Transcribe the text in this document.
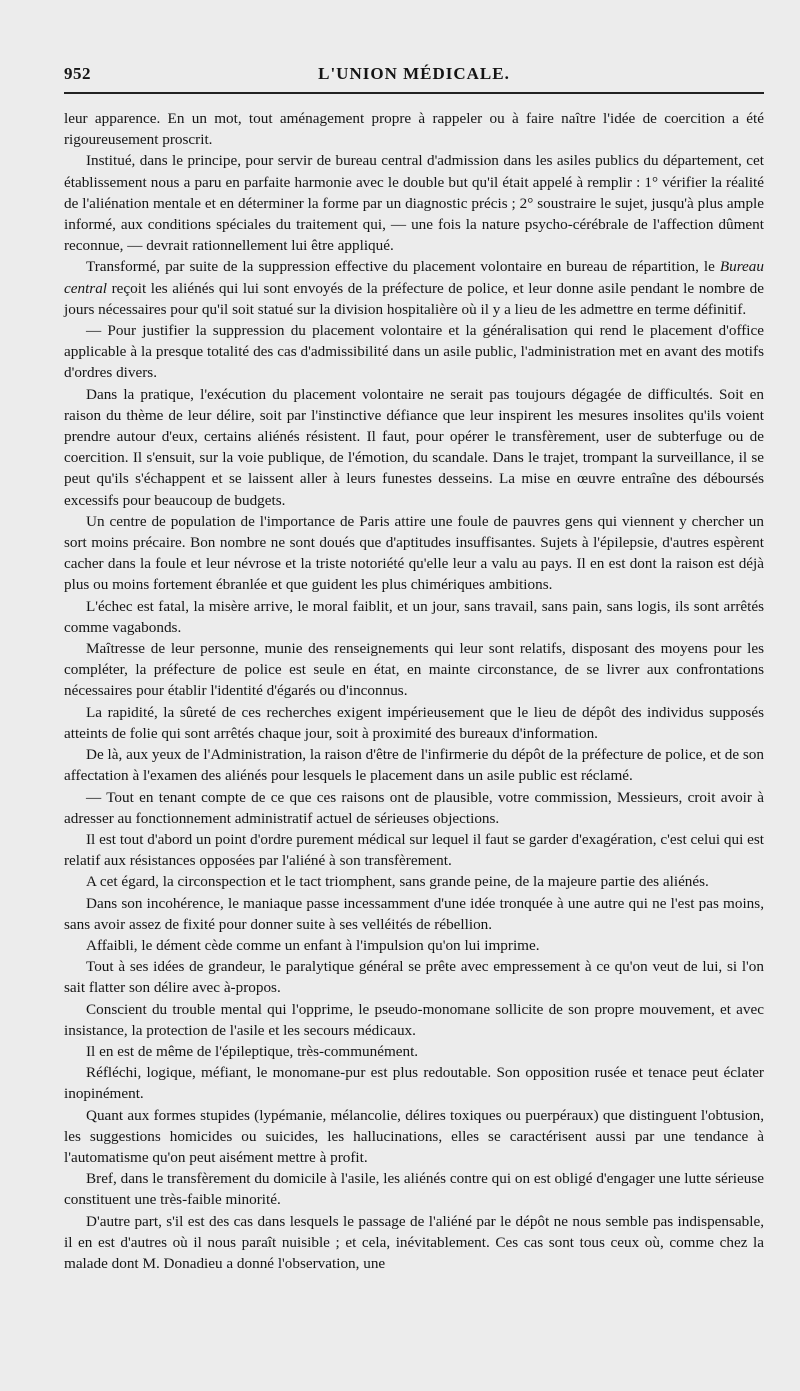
952	L'UNION MÉDICALE.

leur apparence. En un mot, tout aménagement propre à rappeler ou à faire naître l'idée de coercition a été rigoureusement proscrit.

Institué, dans le principe, pour servir de bureau central d'admission dans les asiles publics du département, cet établissement nous a paru en parfaite harmonie avec le double but qu'il était appelé à remplir : 1° vérifier la réalité de l'aliénation mentale et en déterminer la forme par un diagnostic précis ; 2° soustraire le sujet, jusqu'à plus ample informé, aux conditions spéciales du traitement qui, — une fois la nature psycho-cérébrale de l'affection dûment reconnue, — devrait rationnellement lui être appliqué.

Transformé, par suite de la suppression effective du placement volontaire en bureau de répartition, le Bureau central reçoit les aliénés qui lui sont envoyés de la préfecture de police, et leur donne asile pendant le nombre de jours nécessaires pour qu'il soit statué sur la division hospitalière où il y a lieu de les admettre en terme définitif.

— Pour justifier la suppression du placement volontaire et la généralisation qui rend le placement d'office applicable à la presque totalité des cas d'admissibilité dans un asile public, l'administration met en avant des motifs d'ordres divers.

Dans la pratique, l'exécution du placement volontaire ne serait pas toujours dégagée de difficultés. Soit en raison du thème de leur délire, soit par l'instinctive défiance que leur inspirent les mesures insolites qu'ils voient prendre autour d'eux, certains aliénés résistent. Il faut, pour opérer le transfèrement, user de subterfuge ou de coercition. Il s'ensuit, sur la voie publique, de l'émotion, du scandale. Dans le trajet, trompant la surveillance, il se peut qu'ils s'échappent et se laissent aller à leurs funestes desseins. La mise en œuvre entraîne des déboursés excessifs pour beaucoup de budgets.

Un centre de population de l'importance de Paris attire une foule de pauvres gens qui viennent y chercher un sort moins précaire. Bon nombre ne sont doués que d'aptitudes insuffisantes. Sujets à l'épilepsie, d'autres espèrent cacher dans la foule et leur névrose et la triste notoriété qu'elle leur a valu au pays. Il en est dont la raison est déjà plus ou moins fortement ébranlée et que guident les plus chimériques ambitions.

L'échec est fatal, la misère arrive, le moral faiblit, et un jour, sans travail, sans pain, sans logis, ils sont arrêtés comme vagabonds.

Maîtresse de leur personne, munie des renseignements qui leur sont relatifs, disposant des moyens pour les compléter, la préfecture de police est seule en état, en mainte circonstance, de se livrer aux confrontations nécessaires pour établir l'identité d'égarés ou d'inconnus.

La rapidité, la sûreté de ces recherches exigent impérieusement que le lieu de dépôt des individus supposés atteints de folie qui sont arrêtés chaque jour, soit à proximité des bureaux d'information.

De là, aux yeux de l'Administration, la raison d'être de l'infirmerie du dépôt de la préfecture de police, et de son affectation à l'examen des aliénés pour lesquels le placement dans un asile public est réclamé.

— Tout en tenant compte de ce que ces raisons ont de plausible, votre commission, Messieurs, croit avoir à adresser au fonctionnement administratif actuel de sérieuses objections.

Il est tout d'abord un point d'ordre purement médical sur lequel il faut se garder d'exagération, c'est celui qui est relatif aux résistances opposées par l'aliéné à son transfèrement.

A cet égard, la circonspection et le tact triomphent, sans grande peine, de la majeure partie des aliénés.

Dans son incohérence, le maniaque passe incessamment d'une idée tronquée à une autre qui ne l'est pas moins, sans avoir assez de fixité pour donner suite à ses velléités de rébellion.

Affaibli, le dément cède comme un enfant à l'impulsion qu'on lui imprime.

Tout à ses idées de grandeur, le paralytique général se prête avec empressement à ce qu'on veut de lui, si l'on sait flatter son délire avec à-propos.

Conscient du trouble mental qui l'opprime, le pseudo-monomane sollicite de son propre mouvement, et avec insistance, la protection de l'asile et les secours médicaux.

Il en est de même de l'épileptique, très-communément.

Réfléchi, logique, méfiant, le monomane-pur est plus redoutable. Son opposition rusée et tenace peut éclater inopinément.

Quant aux formes stupides (lypémanie, mélancolie, délires toxiques ou puerpéraux) que distinguent l'obtusion, les suggestions homicides ou suicides, les hallucinations, elles se caractérisent aussi par une tendance à l'automatisme qu'on peut aisément mettre à profit.

Bref, dans le transfèrement du domicile à l'asile, les aliénés contre qui on est obligé d'engager une lutte sérieuse constituent une très-faible minorité.

D'autre part, s'il est des cas dans lesquels le passage de l'aliéné par le dépôt ne nous semble pas indispensable, il en est d'autres où il nous paraît nuisible ; et cela, inévitablement. Ces cas sont tous ceux où, comme chez la malade dont M. Donadieu a donné l'observation, une
